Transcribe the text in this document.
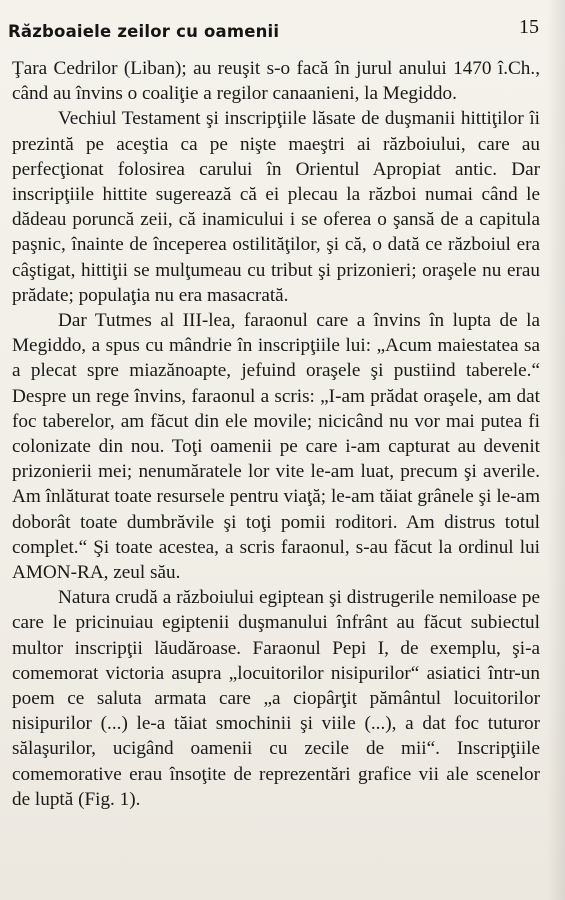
Războaiele zeilor cu oamenii	15

Ţara Cedrilor (Liban); au reuşit s-o facă în jurul anului 1470 î.Ch., când au învins o coaliţie a regilor canaanieni, la Megiddo.

Vechiul Testament şi inscripţiile lăsate de duşmanii hittiţilor îi prezintă pe aceştia ca pe nişte maeştri ai războiului, care au perfecţionat folosirea carului în Orientul Apropiat antic. Dar inscripţiile hittite sugerează că ei plecau la război numai când le dădeau poruncă zeii, că inamicului i se oferea o şansă de a capitula paşnic, înainte de începerea ostilităţilor, şi că, o dată ce războiul era câştigat, hittiţii se mulţumeau cu tribut şi prizonieri; oraşele nu erau prădate; populaţia nu era masacrată.

Dar Tutmes al III-lea, faraonul care a învins în lupta de la Megiddo, a spus cu mândrie în inscripţiile lui: „Acum maiestatea sa a plecat spre miazănoapte, jefuind oraşele şi pustiind taberele.“ Despre un rege învins, faraonul a scris: „I-am prădat oraşele, am dat foc taberelor, am făcut din ele movile; nicicând nu vor mai putea fi colonizate din nou. Toţi oamenii pe care i-am capturat au devenit prizonierii mei; nenumăratele lor vite le-am luat, precum şi averile. Am înlăturat toate resursele pentru viaţă; le-am tăiat grânele şi le-am doborât toate dumbrăvile şi toţi pomii roditori. Am distrus totul complet.“ Şi toate acestea, a scris faraonul, s-au făcut la ordinul lui AMON-RA, zeul său.

Natura crudă a războiului egiptean şi distrugerile nemiloase pe care le pricinuiau egiptenii duşmanului înfrânt au făcut subiectul multor inscripţii lăudăroase. Faraonul Pepi I, de exemplu, şi-a comemorat victoria asupra „locuitorilor nisipurilor“ asiatici într-un poem ce saluta armata care „a ciopârţit pământul locuitorilor nisipurilor (...) le-a tăiat smochinii şi viile (...), a dat foc tuturor sălaşurilor, ucigând oamenii cu zecile de mii“. Inscripţiile comemorative erau însoţite de reprezentări grafice vii ale scenelor de luptă (Fig. 1).
